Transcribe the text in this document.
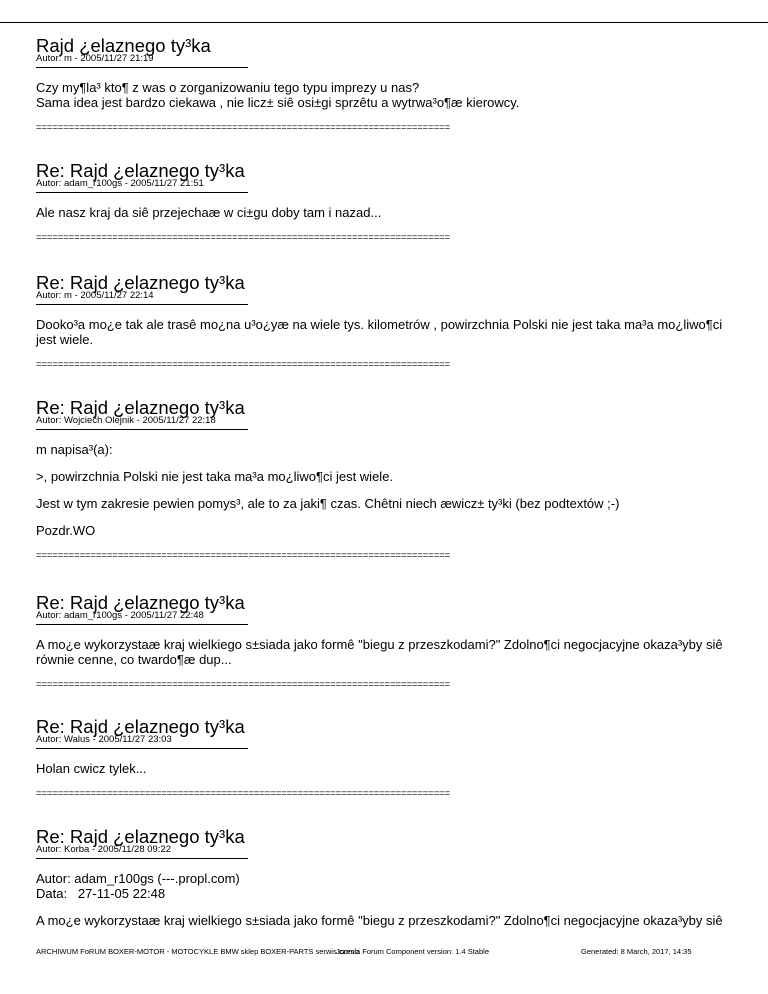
Rajd ¿elaznego ty³ka
Autor: m - 2005/11/27 21:19

Czy my¶la³ kto¶ z was o zorganizowaniu tego typu imprezy u nas?
Sama idea jest bardzo ciekawa , nie licz± siê osi±gi sprzêtu a wytrwa³o¶æ kierowcy.

============================================================================
Re: Rajd ¿elaznego ty³ka
Autor: adam_r100gs - 2005/11/27 21:51

Ale nasz kraj da siê przejechaæ w ci±gu doby tam i nazad...

============================================================================
Re: Rajd ¿elaznego ty³ka
Autor: m - 2005/11/27 22:14

Dooko³a mo¿e tak ale trasê mo¿na u³o¿yæ na wiele tys. kilometrów , powirzchnia Polski nie jest taka ma³a mo¿liwo¶ci jest wiele.

============================================================================
Re: Rajd ¿elaznego ty³ka
Autor: Wojciech Olejnik - 2005/11/27 22:18

m napisa³(a):

>, powirzchnia Polski nie jest taka ma³a mo¿liwo¶ci jest wiele.

Jest w tym zakresie pewien pomys³, ale to za jaki¶ czas. Chêtni niech æwicz± ty³ki (bez podtextów ;-)

Pozdr.WO

============================================================================
Re: Rajd ¿elaznego ty³ka
Autor: adam_r100gs - 2005/11/27 22:48

A mo¿e wykorzystaæ kraj wielkiego s±siada jako formê "biegu z przeszkodami?" Zdolno¶ci negocjacyjne okaza³yby siê równie cenne, co twardo¶æ dup...

============================================================================
Re: Rajd ¿elaznego ty³ka
Autor: Walus - 2005/11/27 23:03

Holan cwicz tylek...

============================================================================
Re: Rajd ¿elaznego ty³ka
Autor: Korba - 2005/11/28 09:22

Autor: adam_r100gs (---.propl.com)
Data:   27-11-05 22:48

A mo¿e wykorzystaæ kraj wielkiego s±siada jako formê "biegu z przeszkodami?" Zdolno¶ci negocjacyjne okaza³yby siê

ARCHIWUM FoRUM BOXER-MOTOR - MOTOCYKLE BMW sklep BOXER-PARTS serwis czesci
Joomla Forum Component version: 1.4 Stable	Generated: 8 March, 2017, 14:35
